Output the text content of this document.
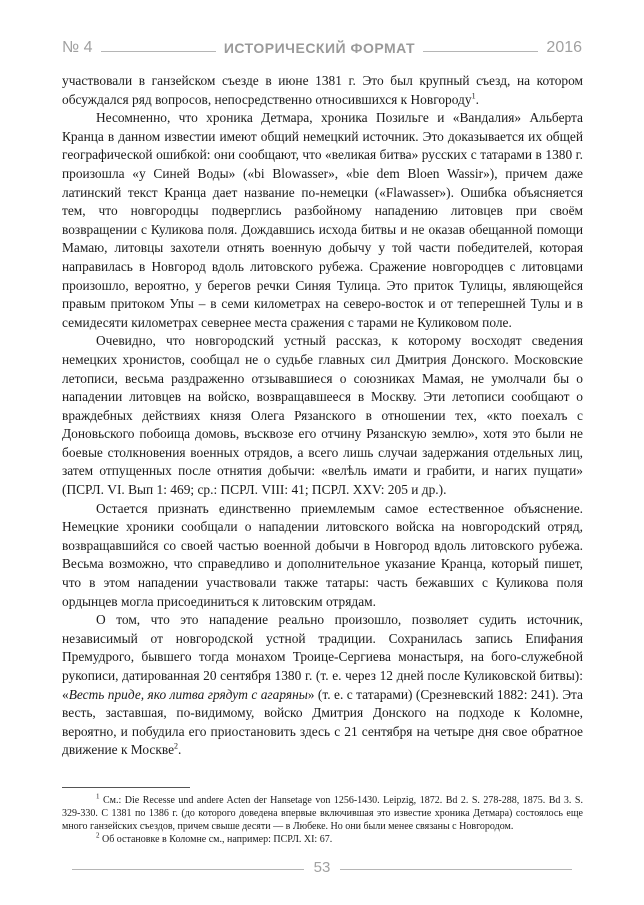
№ 4	ИСТОРИЧЕСКИЙ ФОРМАТ	2016

участвовали в ганзейском съезде в июне 1381 г. Это был крупный съезд, на котором обсуждался ряд вопросов, непосредственно относившихся к Новгороду$^1$.

Несомненно, что хроника Детмара, хроника Позильге и «Вандалия» Альберта Кранца в данном известии имеют общий немецкий источник. Это доказывается их общей географической ошибкой: они сообщают, что «великая битва» русских с татарами в 1380 г. произошла «у Синей Воды» («bi Blowasser», «bie dem Bloen Wassir»), причем даже латинский текст Кранца дает название по-немецки («Flawasser»). Ошибка объясняется тем, что новгородцы подверглись разбойному нападению литовцев при своём возвращении с Куликова поля. Дождавшись исхода битвы и не оказав обещанной помощи Мамаю, литовцы захотели отнять военную добычу у той части победителей, которая направилась в Новгород вдоль литовского рубежа. Сражение новгородцев с литовцами произошло, вероятно, у берегов речки Синяя Тулица. Это приток Тулицы, являющейся правым притоком Упы – в семи километрах на северо-восток и от теперешней Тулы и в семидесяти километрах севернее места сражения с тарами не Куликовом поле.

Очевидно, что новгородский устный рассказ, к которому восходят сведения немецких хронистов, сообщал не о судьбе главных сил Дмитрия Донского. Московские летописи, весьма раздраженно отзывавшиеся о союзниках Мамая, не умолчали бы о нападении литовцев на войско, возвращавшееся в Москву. Эти летописи сообщают о враждебных действиях князя Олега Рязанского в отношении тех, «кто поехалъ с Доновьского побоища домовь, въсквозе его отчину Рязанскую землю», хотя это были не боевые столкновения военных отрядов, а всего лишь случаи задержания отдельных лиц, затем отпущенных после отнятия добычи: «велѣль имати и грабити, и нагих пущати» (ПСРЛ. VI. Вып 1: 469; ср.: ПСРЛ. VIII: 41; ПСРЛ. XXV: 205 и др.).

Остается признать единственно приемлемым самое естественное объяснение. Немецкие хроники сообщали о нападении литовского войска на новгородский отряд, возвращавшийся со своей частью военной добычи в Новгород вдоль литовского рубежа. Весьма возможно, что справедливо и дополнительное указание Кранца, который пишет, что в этом нападении участвовали также татары: часть бежавших с Куликова поля ордынцев могла присоединиться к литовским отрядам.

О том, что это нападение реально произошло, позволяет судить источник, независимый от новгородской устной традиции. Сохранилась запись Епифания Премудрого, бывшего тогда монахом Троице-Сергиева монастыря, на бого-служебной рукописи, датированная 20 сентября 1380 г. (т. е. через 12 дней после Куликовской битвы): «Весть приде, яко литва грядут с агаряны» (т. е. с татарами) (Срезневский 1882: 241). Эта весть, заставшая, по-видимому, войско Дмитрия Донского на подходе к Коломне, вероятно, и побудила его приостановить здесь с 21 сентября на четыре дня свое обратное движение к Москве$^2$.

$^1$ См.: Die Recesse und andere Acten der Hansetage von 1256-1430. Leipzig, 1872. Bd 2. S. 278-288, 1875. Bd 3. S. 329-330. С 1381 по 1386 г. (до которого доведена впервые включившая это известие хроника Детмара) состоялось еще много ганзейских съездов, причем свыше десяти — в Любеке. Но они были менее связаны с Новгородом.

$^2$ Об остановке в Коломне см., например: ПСРЛ. XI: 67.

53
